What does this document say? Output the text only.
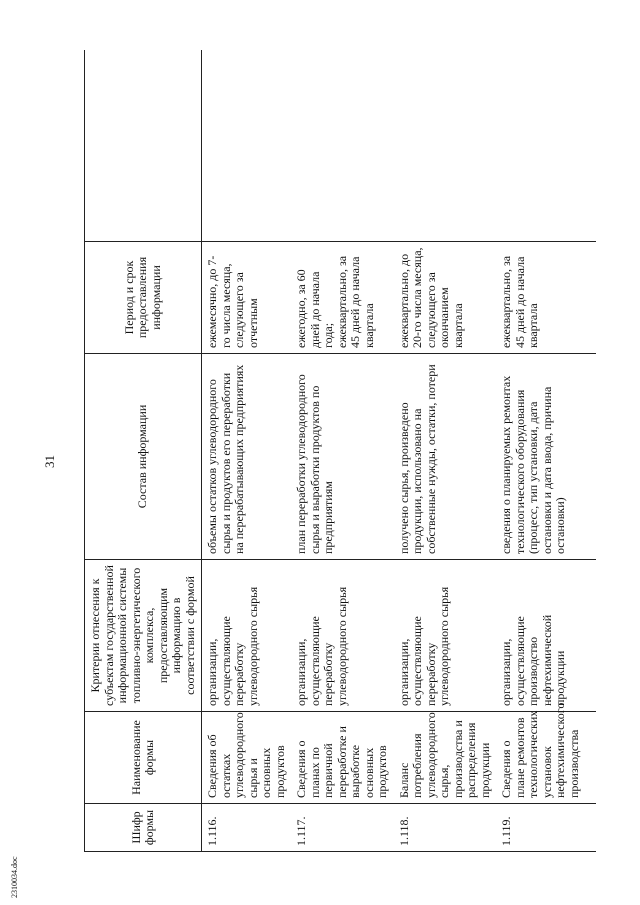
31
Шифр формы	Наименование формы	Критерии отнесения к субъектам государственной информационной системы топливно-энергетического комплекса, предоставляющим информацию в соответствии с формой	Состав информации	Период и срок предоставления информации	
1.116.	Сведения об остатках углеводородного сырья и основных продуктов	организации, осуществляющие переработку углеводородного сырья	объемы остатков углеводородного сырья и продуктов его переработки на перерабатывающих предприятиях	ежемесячно, до 7-го числа месяца, следующего за отчетным	
1.117.	Сведения о планах по первичной переработке и выработке основных продуктов	организации, осуществляющие переработку углеводородного сырья	план переработки углеводородного сырья и выработки продуктов по предприятиям	ежегодно, за 60 дней до начала года; ежеквартально, за 45 дней до начала квартала	
1.118.	Баланс потребления углеводородного сырья, производства и распределения продукции	организации, осуществляющие переработку углеводородного сырья	получено сырья, произведено продукции, использовано на собственные нужды, остатки, потери	ежеквартально, до 20-го числа месяца, следующего за окончанием квартала	
1.119.	Сведения о плане ремонтов технологических установок нефтехимического производства	организации, осуществляющие производство нефтехимической продукции	сведения о планируемых ремонтах технологического оборудования (процесс, тип установки, дата остановки и дата ввода, причина остановки)	ежеквартально, за 45 дней до начала квартала	
2310034.doc
